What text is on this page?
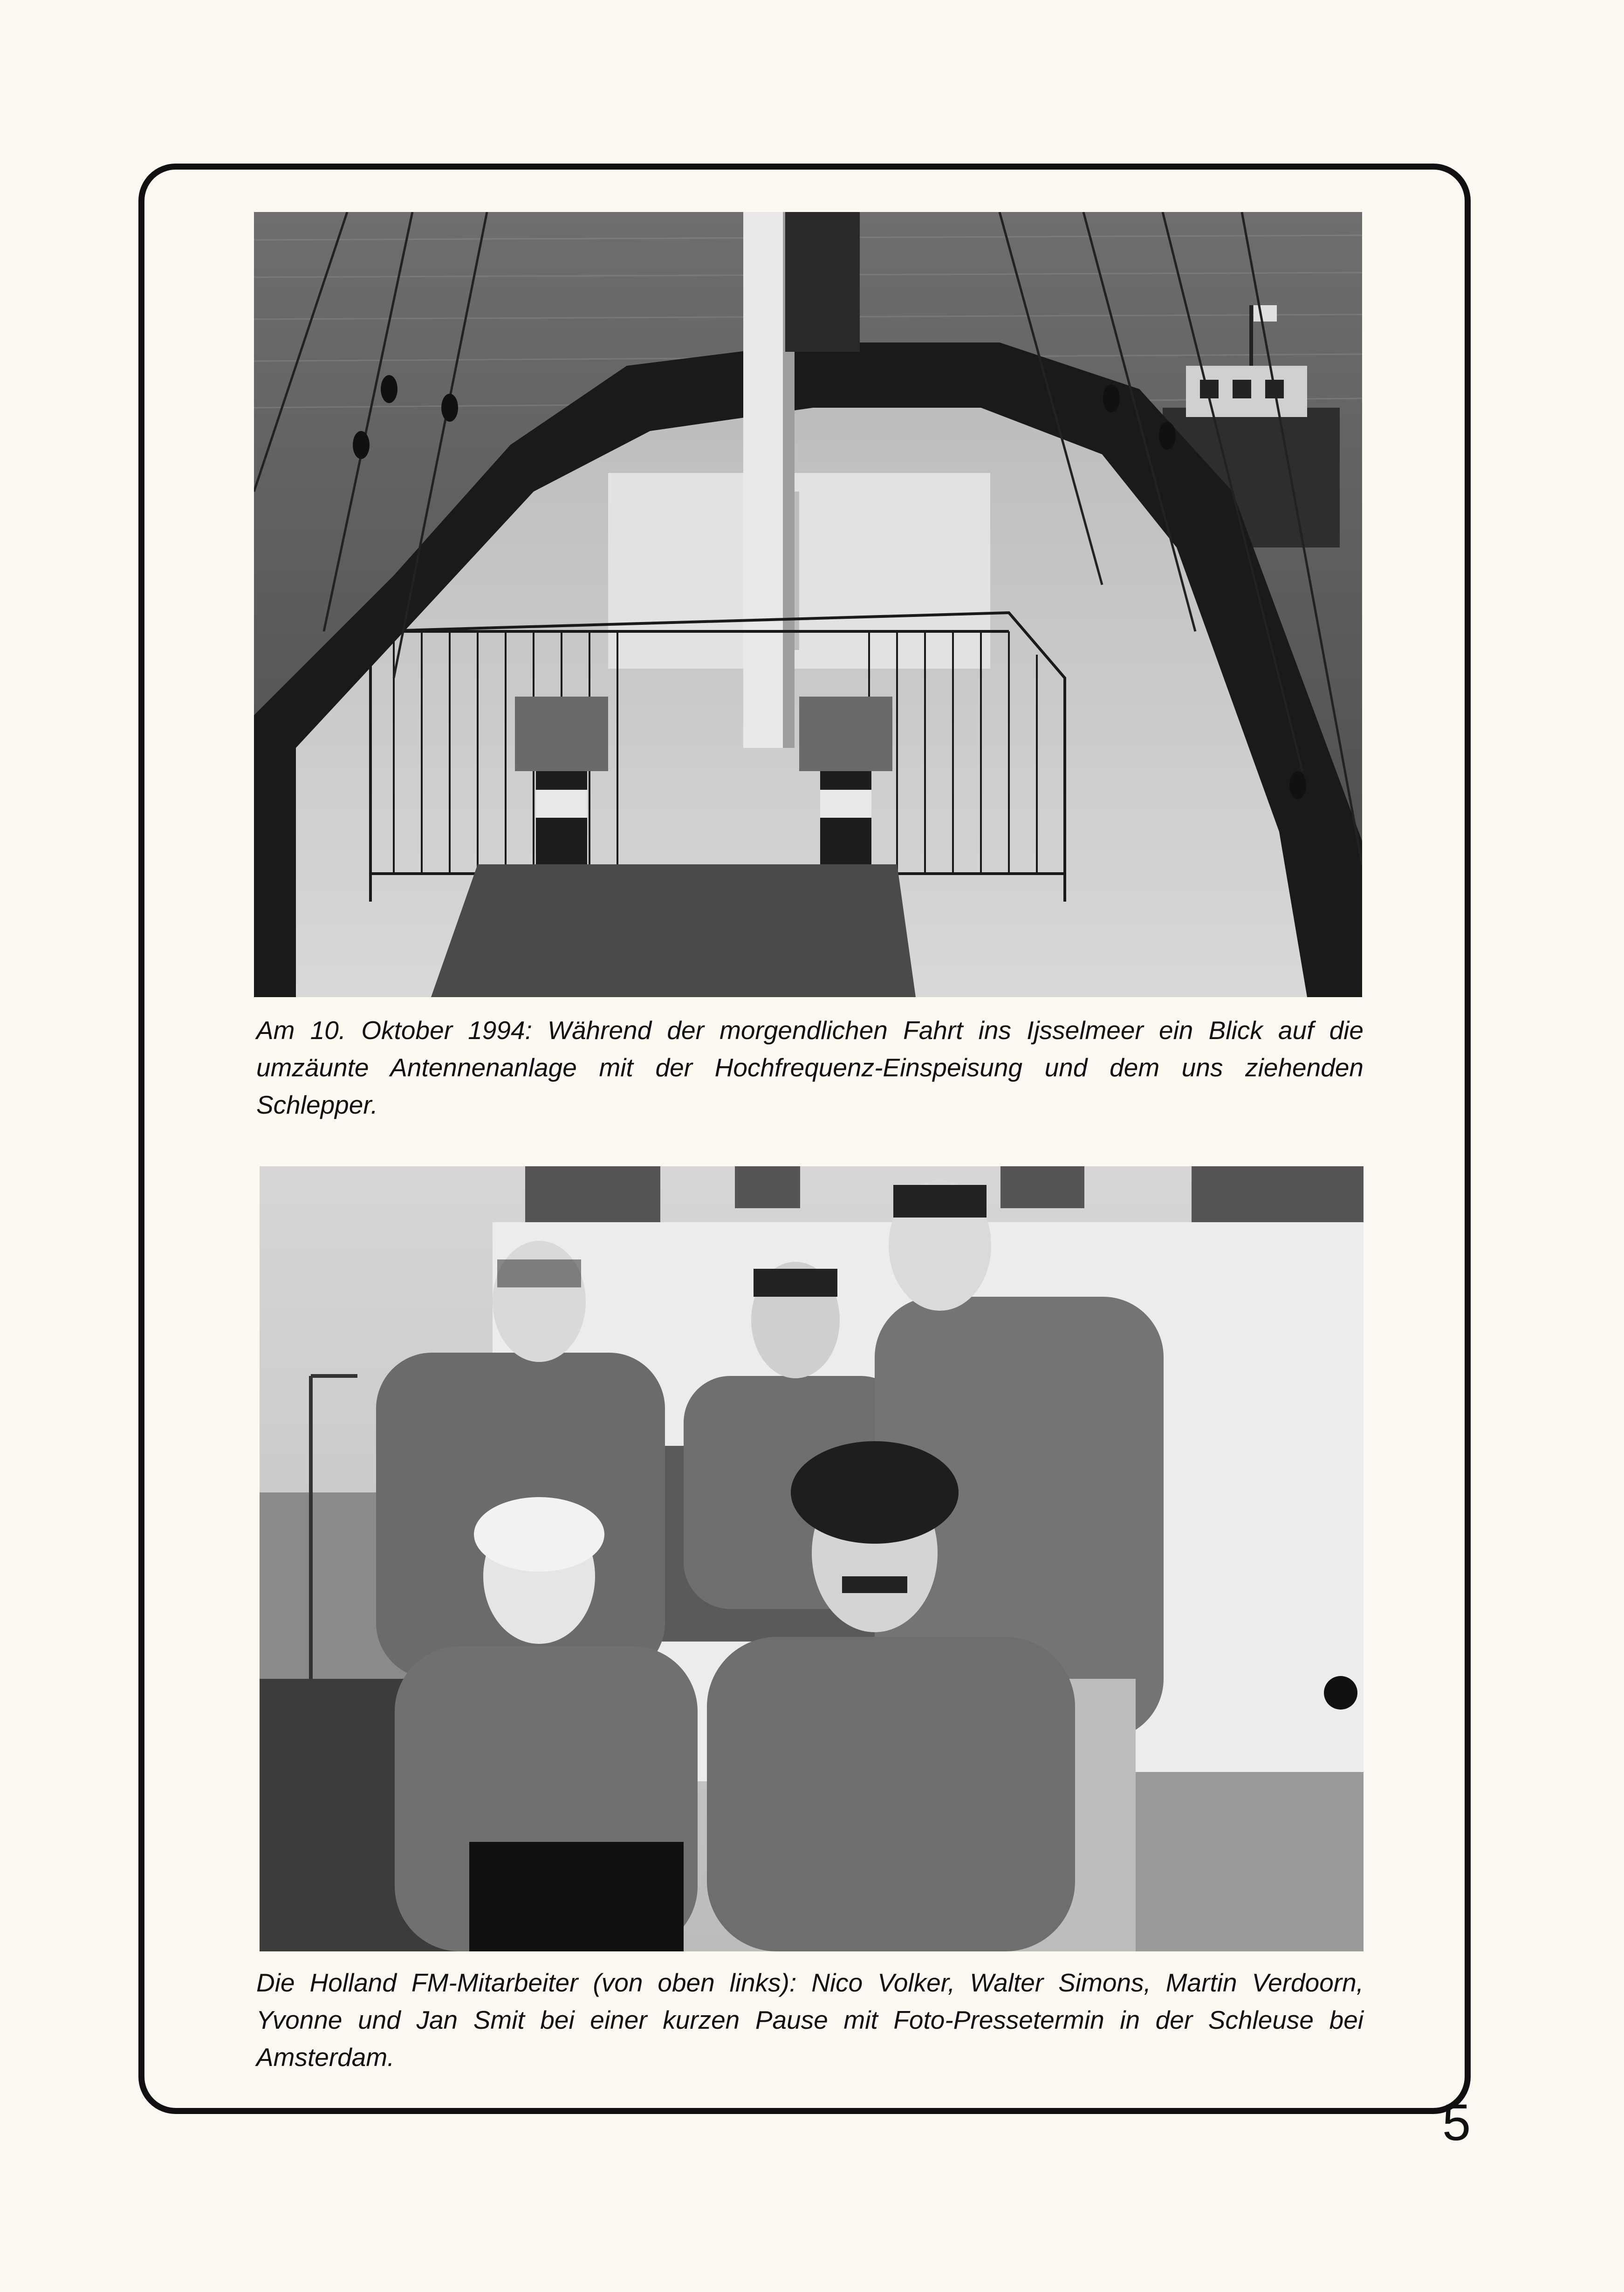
Am 10. Oktober 1994: Während der morgendlichen Fahrt ins Ijsselmeer ein Blick auf die umzäunte Antennenanlage mit der Hochfrequenz-Einspeisung und dem uns ziehenden Schlepper.

Die Holland FM-Mitarbeiter (von oben links): Nico Volker, Walter Simons, Martin Verdoorn, Yvonne und Jan Smit bei einer kurzen Pause mit Foto-Pressetermin in der Schleuse bei Amsterdam.

5
